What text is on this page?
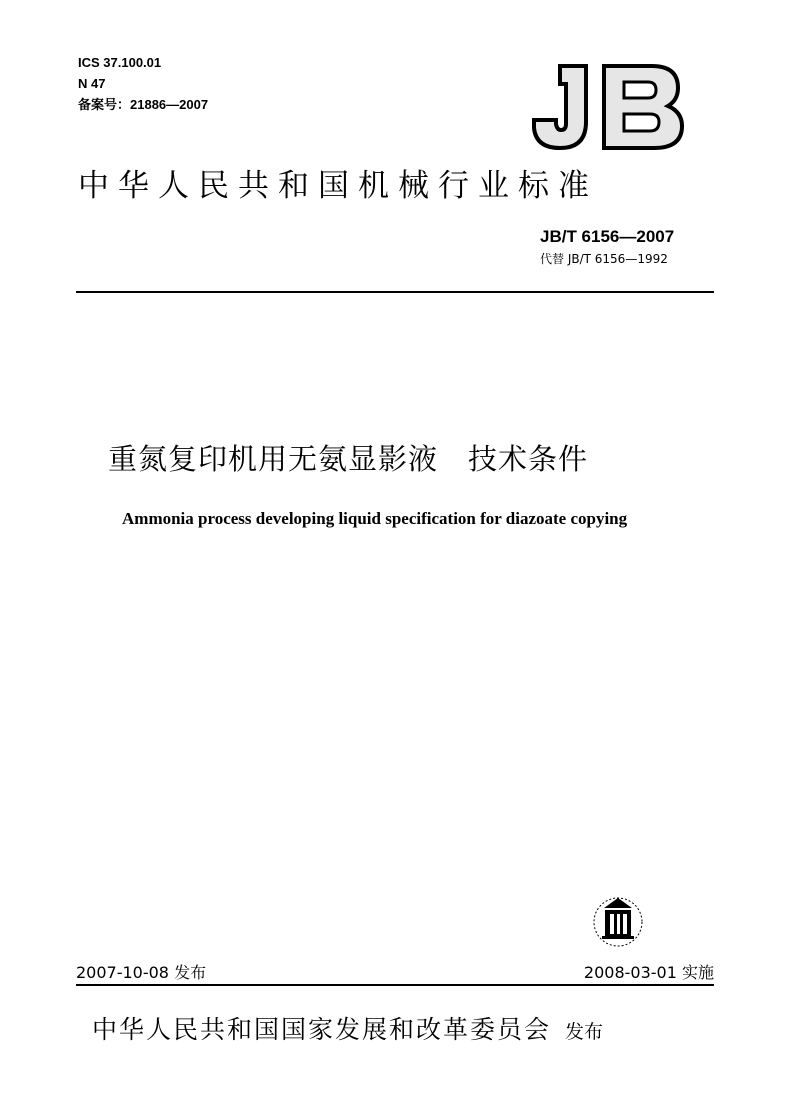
ICS 37.100.01
N 47
备案号：21886—2007
中华人民共和国机械行业标准
JB/T 6156—2007
代替 JB/T 6156—1992
重氮复印机用无氨显影液 技术条件
Ammonia process developing liquid specification for diazoate copying
2007-10-08 发布	2008-03-01 实施
中华人民共和国国家发展和改革委员会 发布
